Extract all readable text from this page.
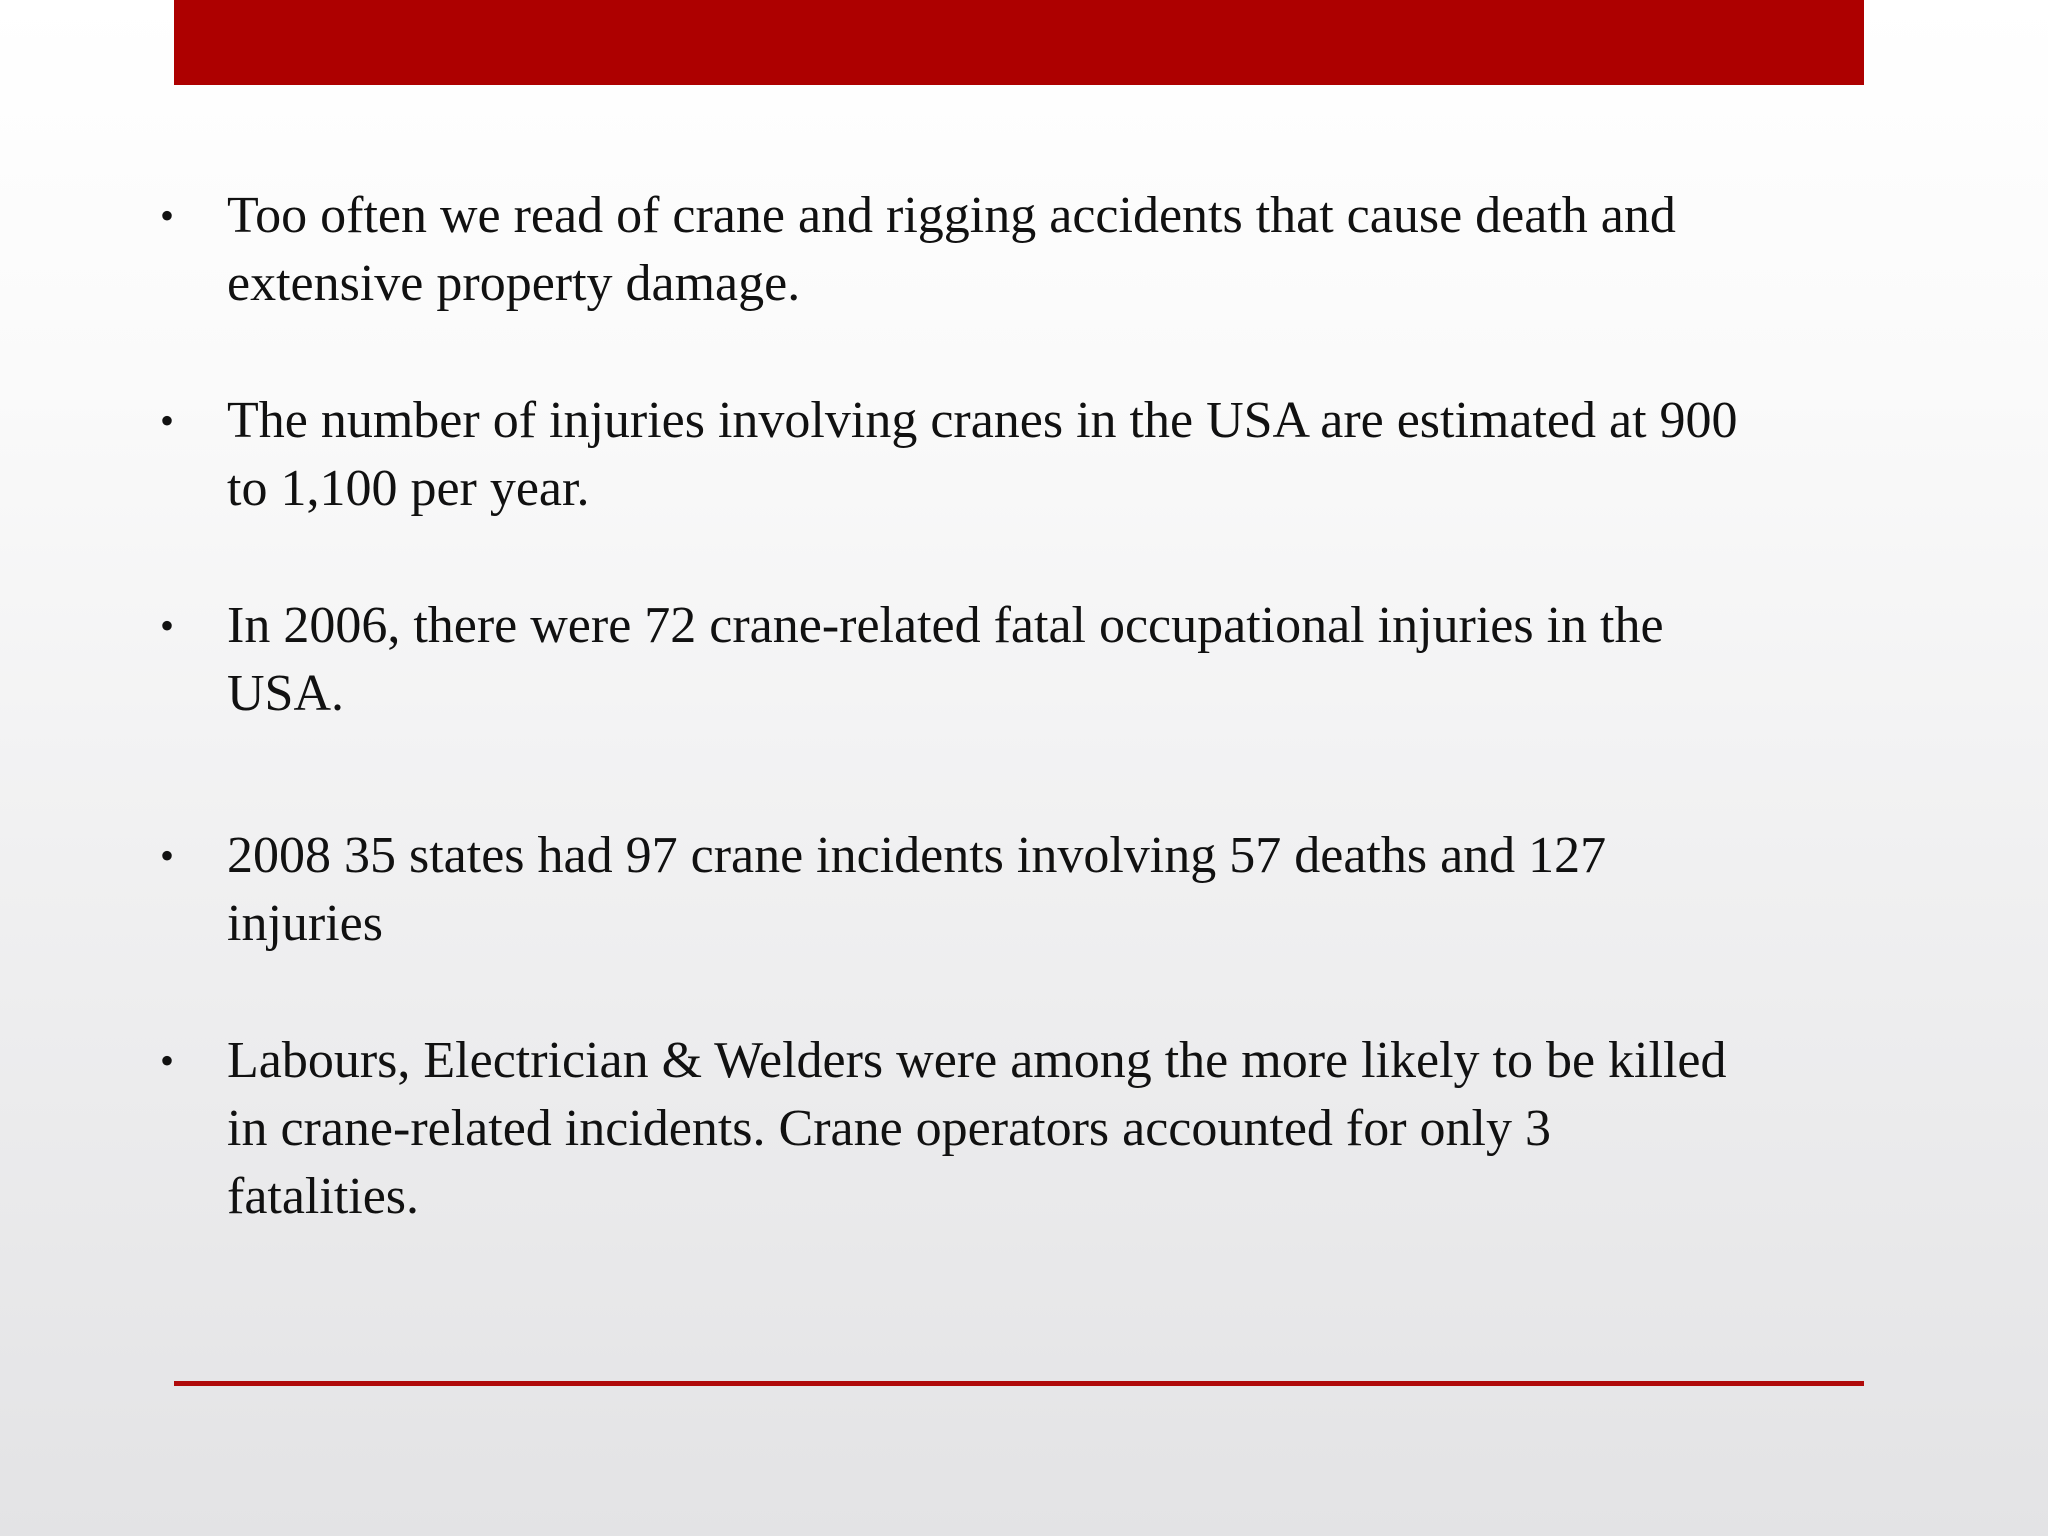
•	Too often we read of crane and rigging accidents that cause death and
extensive property damage.
•	The number of injuries involving cranes in the USA are estimated at 900
to 1,100 per year.
•	In 2006, there were 72 crane-related fatal occupational injuries in the
USA.
•	2008 35 states had 97 crane incidents involving 57 deaths and 127
injuries
•	Labours, Electrician & Welders were among the more likely to be killed
in crane-related incidents. Crane operators accounted for only 3
fatalities.
